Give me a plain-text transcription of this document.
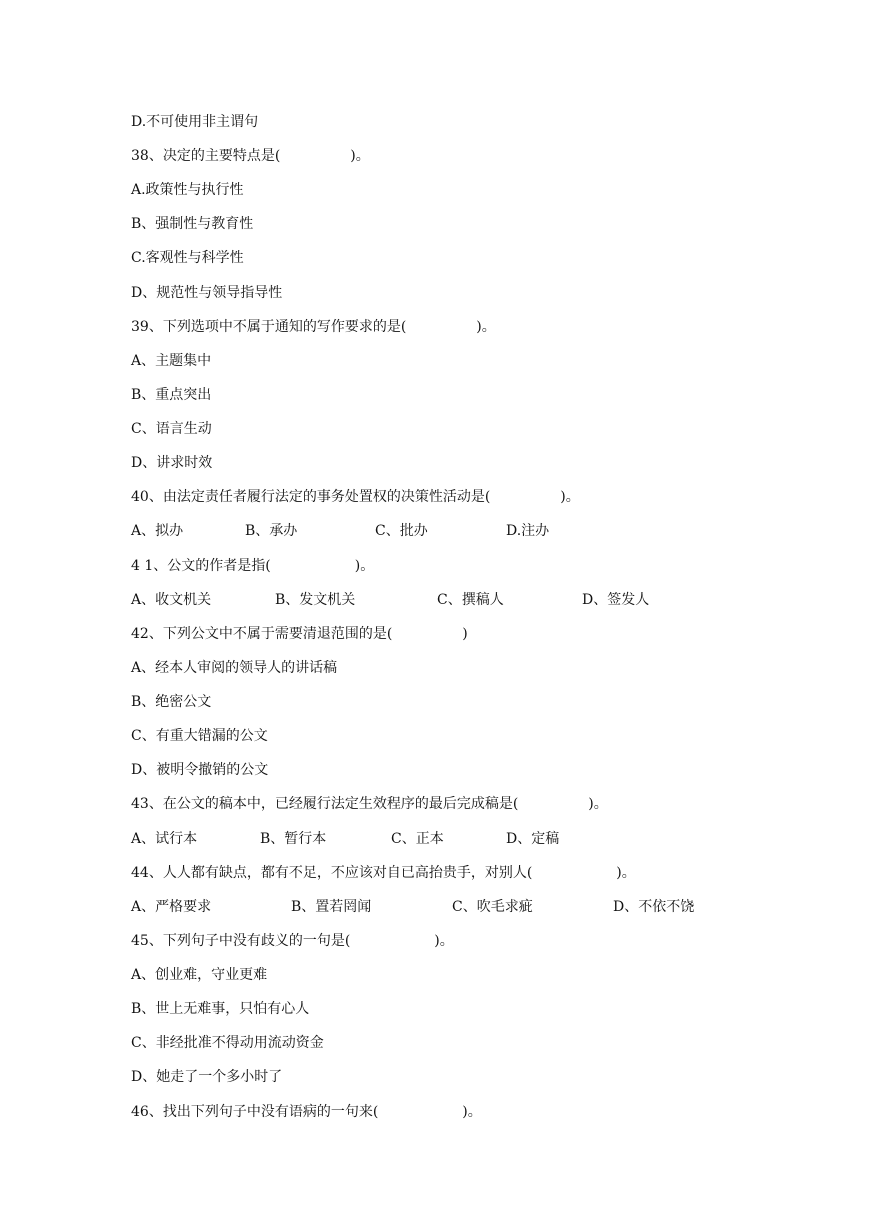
D.不可使用非主谓句
38、决定的主要特点是(　　　　　)。
A.政策性与执行性
B、强制性与教育性
C.客观性与科学性
D、规范性与领导指导性
39、下列选项中不属于通知的写作要求的是(　　　　　)。
A、主题集中
B、重点突出
C、语言生动
D、讲求时效
40、由法定责任者履行法定的事务处置权的决策性活动是(　　　　　)。
A、拟办	B、承办	C、批办	D.注办
4 1、公文的作者是指(　　　　　　)。
A、收文机关	B、发文机关	C、撰稿人	D、签发人
42、下列公文中不属于需要清退范围的是(　　　　　)
A、经本人审阅的领导人的讲话稿
B、绝密公文
C、有重大错漏的公文
D、被明令撤销的公文
43、在公文的稿本中，已经履行法定生效程序的最后完成稿是(　　　　　)。
A、试行本	B、暂行本	C、正本	D、定稿
44、人人都有缺点，都有不足，不应该对自已高抬贵手，对别人(　　　　　　)。
A、严格要求	B、置若罔闻	C、吹毛求疵	D、不依不饶
45、下列句子中没有歧义的一句是(　　　　　　)。
A、创业难，守业更难
B、世上无难事，只怕有心人
C、非经批准不得动用流动资金
D、她走了一个多小时了
46、找出下列句子中没有语病的一句来(　　　　　　)。
